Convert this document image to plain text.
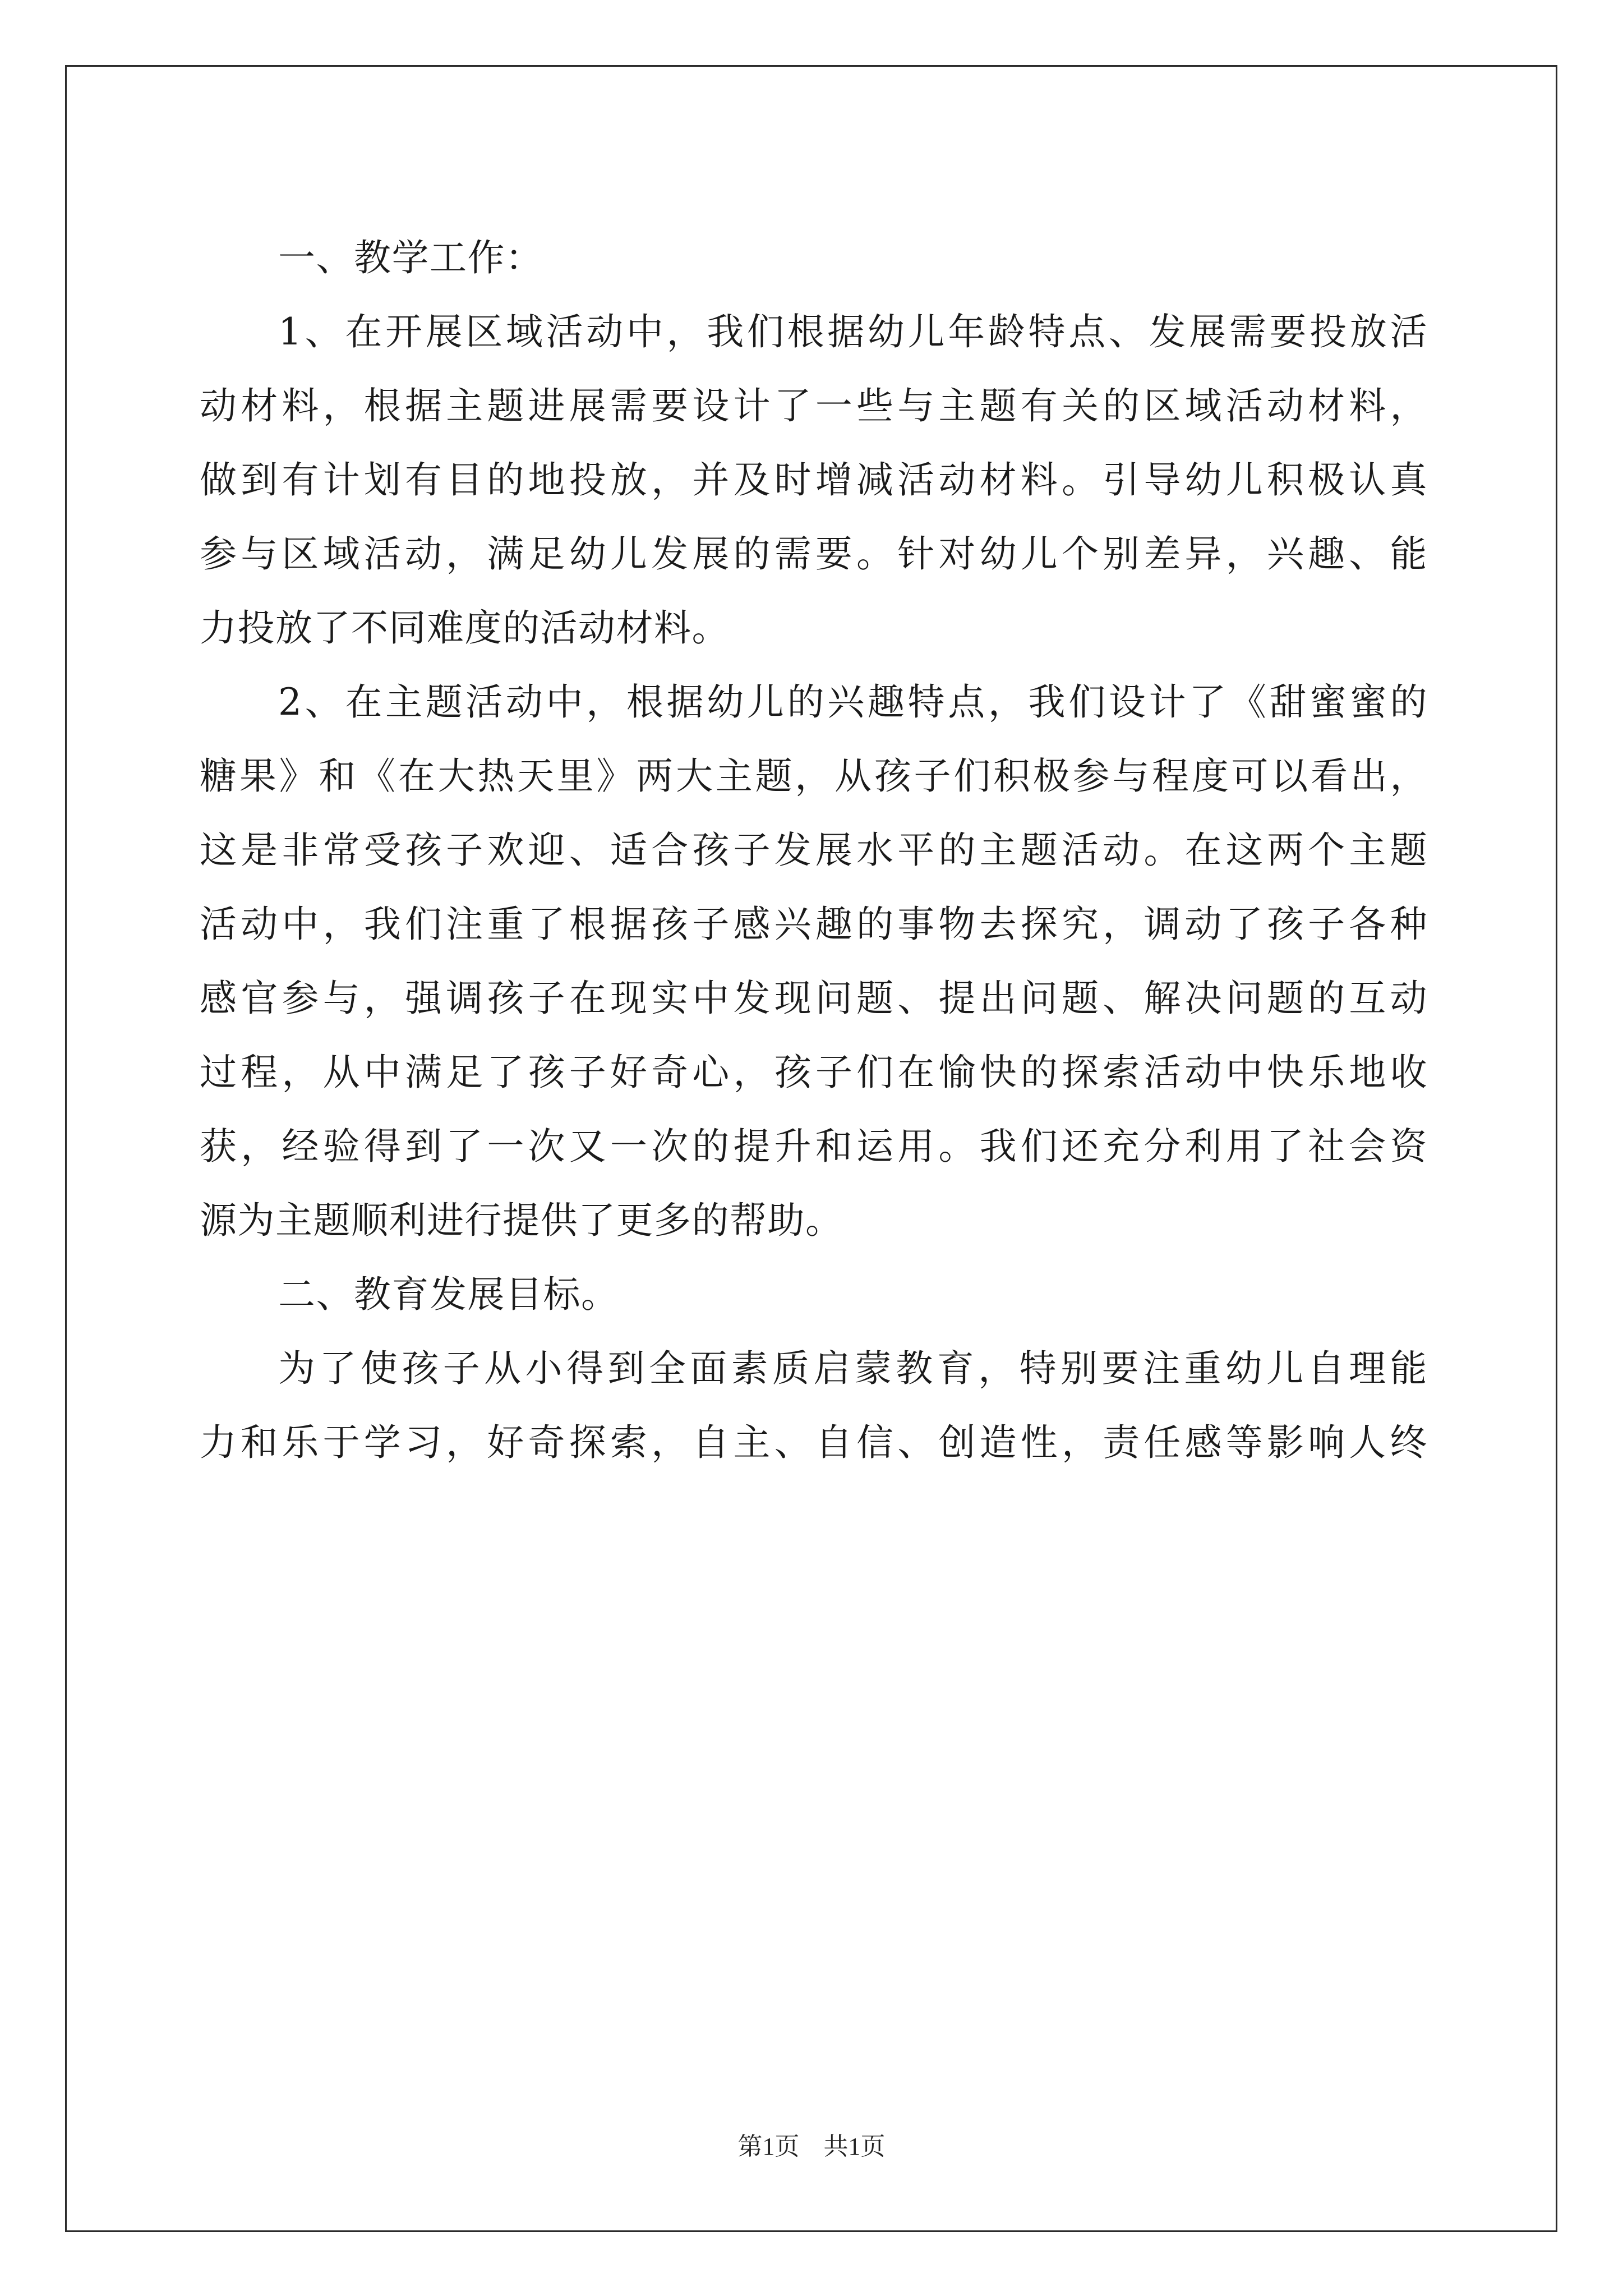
一、教学工作：
1、在开展区域活动中，我们根据幼儿年龄特点、发展需要投放活
动材料，根据主题进展需要设计了一些与主题有关的区域活动材料，
做到有计划有目的地投放，并及时增减活动材料。引导幼儿积极认真
参与区域活动，满足幼儿发展的需要。针对幼儿个别差异，兴趣、能
力投放了不同难度的活动材料。
2、在主题活动中，根据幼儿的兴趣特点，我们设计了《甜蜜蜜的
糖果》和《在大热天里》两大主题，从孩子们积极参与程度可以看出，
这是非常受孩子欢迎、适合孩子发展水平的主题活动。在这两个主题
活动中，我们注重了根据孩子感兴趣的事物去探究，调动了孩子各种
感官参与，强调孩子在现实中发现问题、提出问题、解决问题的互动
过程，从中满足了孩子好奇心，孩子们在愉快的探索活动中快乐地收
获，经验得到了一次又一次的提升和运用。我们还充分利用了社会资
源为主题顺利进行提供了更多的帮助。
二、教育发展目标。
为了使孩子从小得到全面素质启蒙教育，特别要注重幼儿自理能
力和乐于学习，好奇探索，自主、自信、创造性，责任感等影响人终
第1页 共1页
